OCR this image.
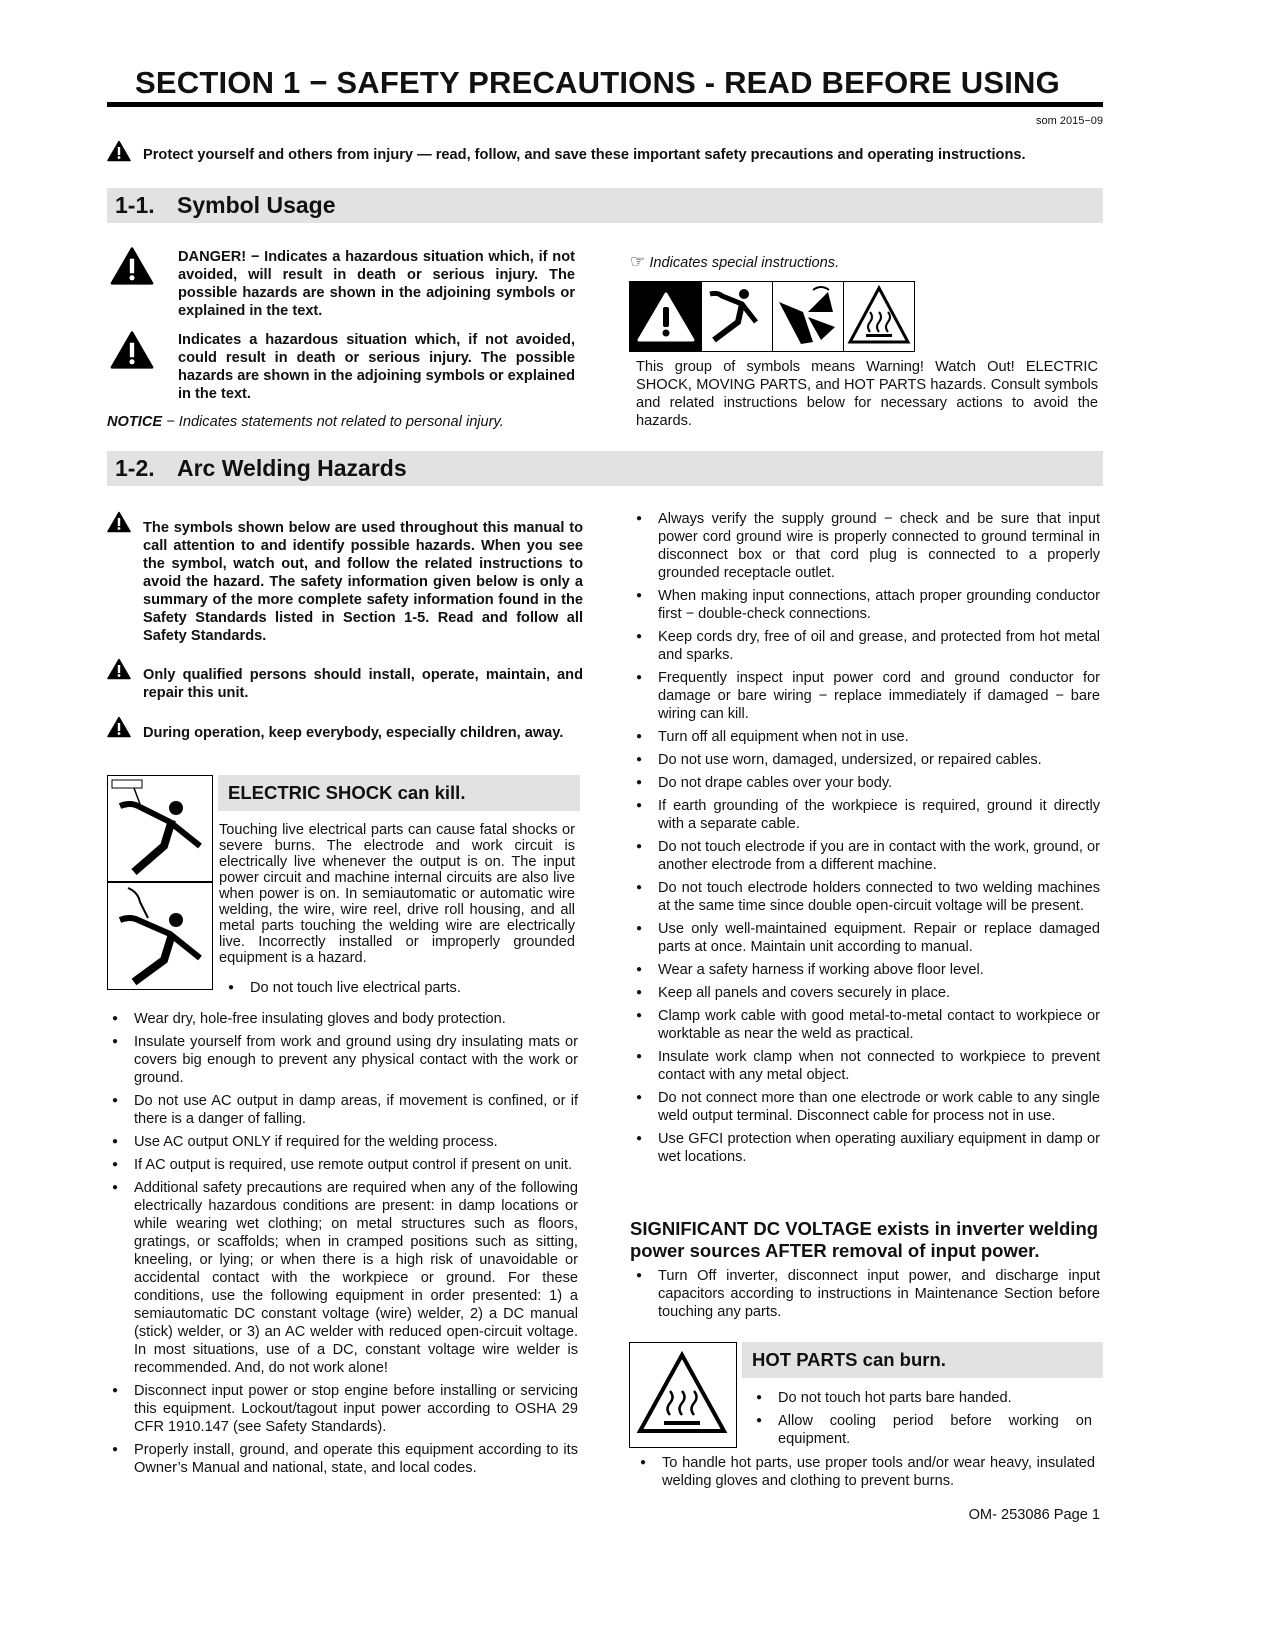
SECTION 1 − SAFETY PRECAUTIONS - READ BEFORE USING
som 2015−09
Protect yourself and others from injury — read, follow, and save these important safety precautions and operating instructions.
1-1. Symbol Usage
DANGER! − Indicates a hazardous situation which, if not avoided, will result in death or serious injury. The possible hazards are shown in the adjoining symbols or explained in the text.
Indicates a hazardous situation which, if not avoided, could result in death or serious injury. The possible hazards are shown in the adjoining symbols or explained in the text.
NOTICE − Indicates statements not related to personal injury.
☞ Indicates special instructions.
This group of symbols means Warning! Watch Out! ELECTRIC SHOCK, MOVING PARTS, and HOT PARTS hazards. Consult symbols and related instructions below for necessary actions to avoid the hazards.
1-2. Arc Welding Hazards
The symbols shown below are used throughout this manual to call attention to and identify possible hazards. When you see the symbol, watch out, and follow the related instructions to avoid the hazard. The safety information given below is only a summary of the more complete safety information found in the Safety Standards listed in Section 1-5. Read and follow all Safety Standards.
Only qualified persons should install, operate, maintain, and repair this unit.
During operation, keep everybody, especially children, away.
ELECTRIC SHOCK can kill.
Touching live electrical parts can cause fatal shocks or severe burns. The electrode and work circuit is electrically live whenever the output is on. The input power circuit and machine internal circuits are also live when power is on. In semiautomatic or automatic wire welding, the wire, wire reel, drive roll housing, and all metal parts touching the welding wire are electrically live. Incorrectly installed or improperly grounded equipment is a hazard.
● Do not touch live electrical parts.
● Wear dry, hole-free insulating gloves and body protection.
● Insulate yourself from work and ground using dry insulating mats or covers big enough to prevent any physical contact with the work or ground.
● Do not use AC output in damp areas, if movement is confined, or if there is a danger of falling.
● Use AC output ONLY if required for the welding process.
● If AC output is required, use remote output control if present on unit.
● Additional safety precautions are required when any of the following electrically hazardous conditions are present: in damp locations or while wearing wet clothing; on metal structures such as floors, gratings, or scaffolds; when in cramped positions such as sitting, kneeling, or lying; or when there is a high risk of unavoidable or accidental contact with the workpiece or ground. For these conditions, use the following equipment in order presented: 1) a semiautomatic DC constant voltage (wire) welder, 2) a DC manual (stick) welder, or 3) an AC welder with reduced open-circuit voltage. In most situations, use of a DC, constant voltage wire welder is recommended. And, do not work alone!
● Disconnect input power or stop engine before installing or servicing this equipment. Lockout/tagout input power according to OSHA 29 CFR 1910.147 (see Safety Standards).
● Properly install, ground, and operate this equipment according to its Owner’s Manual and national, state, and local codes.
● Always verify the supply ground − check and be sure that input power cord ground wire is properly connected to ground terminal in disconnect box or that cord plug is connected to a properly grounded receptacle outlet.
● When making input connections, attach proper grounding conductor first − double-check connections.
● Keep cords dry, free of oil and grease, and protected from hot metal and sparks.
● Frequently inspect input power cord and ground conductor for damage or bare wiring − replace immediately if damaged − bare wiring can kill.
● Turn off all equipment when not in use.
● Do not use worn, damaged, undersized, or repaired cables.
● Do not drape cables over your body.
● If earth grounding of the workpiece is required, ground it directly with a separate cable.
● Do not touch electrode if you are in contact with the work, ground, or another electrode from a different machine.
● Do not touch electrode holders connected to two welding machines at the same time since double open-circuit voltage will be present.
● Use only well-maintained equipment. Repair or replace damaged parts at once. Maintain unit according to manual.
● Wear a safety harness if working above floor level.
● Keep all panels and covers securely in place.
● Clamp work cable with good metal-to-metal contact to workpiece or worktable as near the weld as practical.
● Insulate work clamp when not connected to workpiece to prevent contact with any metal object.
● Do not connect more than one electrode or work cable to any single weld output terminal. Disconnect cable for process not in use.
● Use GFCI protection when operating auxiliary equipment in damp or wet locations.
SIGNIFICANT DC VOLTAGE exists in inverter welding power sources AFTER removal of input power.
● Turn Off inverter, disconnect input power, and discharge input capacitors according to instructions in Maintenance Section before touching any parts.
HOT PARTS can burn.
● Do not touch hot parts bare handed.
● Allow cooling period before working on equipment.
● To handle hot parts, use proper tools and/or wear heavy, insulated welding gloves and clothing to prevent burns.
OM- 253086 Page 1
